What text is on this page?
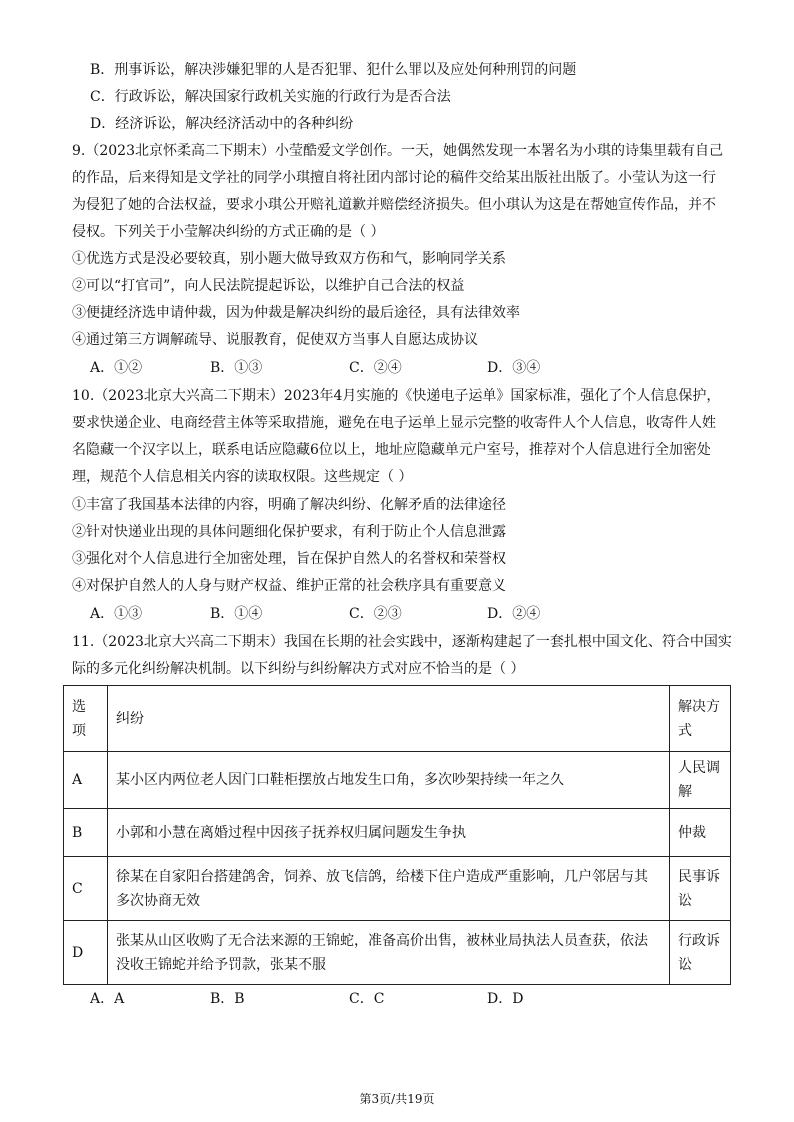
B．刑事诉讼，解决涉嫌犯罪的人是否犯罪、犯什么罪以及应处何种刑罚的问题
C．行政诉讼，解决国家行政机关实施的行政行为是否合法
D．经济诉讼，解决经济活动中的各种纠纷
9.（2023北京怀柔高二下期末）小莹酷爱文学创作。一天，她偶然发现一本署名为小琪的诗集里载有自己
的作品，后来得知是文学社的同学小琪擅自将社团内部讨论的稿件交给某出版社出版了。小莹认为这一行
为侵犯了她的合法权益，要求小琪公开赔礼道歉并赔偿经济损失。但小琪认为这是在帮她宣传作品，并不
侵权。下列关于小莹解决纠纷的方式正确的是（ ）
①优选方式是没必要较真，别小题大做导致双方伤和气，影响同学关系
②可以“打官司”，向人民法院提起诉讼，以维护自己合法的权益
③便捷经济选申请仲裁，因为仲裁是解决纠纷的最后途径，具有法律效率
④通过第三方调解疏导、说服教育，促使双方当事人自愿达成协议
A．①②	B．①③	C．②④	D．③④
10.（2023北京大兴高二下期末）2023年4月实施的《快递电子运单》国家标准，强化了个人信息保护，
要求快递企业、电商经营主体等采取措施，避免在电子运单上显示完整的收寄件人个人信息，收寄件人姓
名隐藏一个汉字以上，联系电话应隐藏6位以上，地址应隐藏单元户室号，推荐对个人信息进行全加密处
理，规范个人信息相关内容的读取权限。这些规定（ ）
①丰富了我国基本法律的内容，明确了解决纠纷、化解矛盾的法律途径
②针对快递业出现的具体问题细化保护要求，有利于防止个人信息泄露
③强化对个人信息进行全加密处理，旨在保护自然人的名誉权和荣誉权
④对保护自然人的人身与财产权益、维护正常的社会秩序具有重要意义
A．①③	B．①④	C．②③	D．②④
11.（2023北京大兴高二下期末）我国在长期的社会实践中，逐渐构建起了一套扎根中国文化、符合中国实
际的多元化纠纷解决机制。以下纠纷与纠纷解决方式对应不恰当的是（ ）
选项	纠纷	解决方式
A	某小区内两位老人因门口鞋柜摆放占地发生口角，多次吵架持续一年之久	人民调解
B	小郭和小慧在离婚过程中因孩子抚养权归属问题发生争执	仲裁
C	徐某在自家阳台搭建鸽舍，饲养、放飞信鸽，给楼下住户造成严重影响，几户邻居与其多次协商无效	民事诉讼
D	张某从山区收购了无合法来源的王锦蛇，准备高价出售，被林业局执法人员查获，依法没收王锦蛇并给予罚款，张某不服	行政诉讼
A．A	B．B	C．C	D．D
第3页/共19页
